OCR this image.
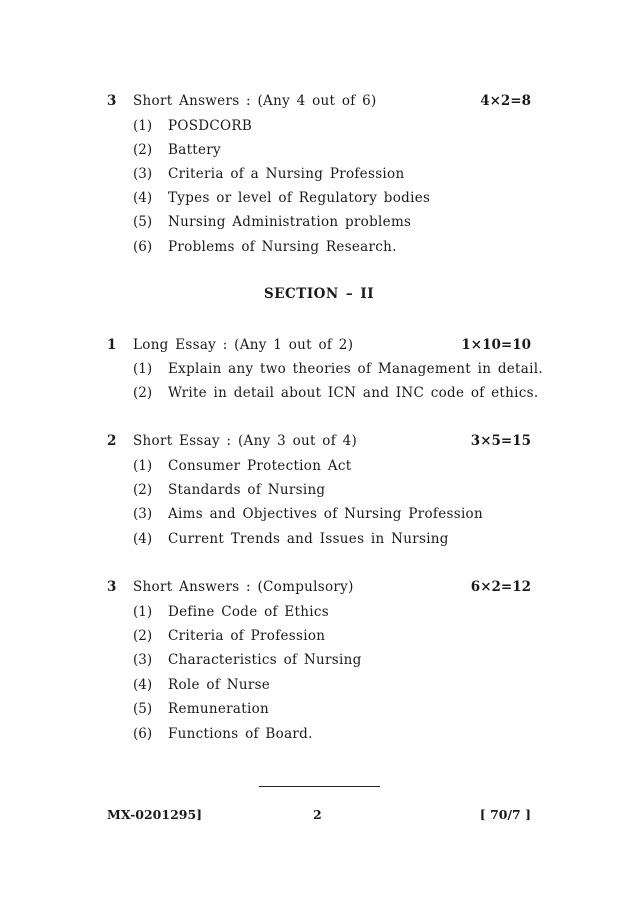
3 Short Answers : (Any 4 out of 6)	4×2=8
(1) POSDCORB
(2) Battery
(3) Criteria of a Nursing Profession
(4) Types or level of Regulatory bodies
(5) Nursing Administration problems
(6) Problems of Nursing Research.
SECTION – II
1 Long Essay : (Any 1 out of 2)	1×10=10
(1) Explain any two theories of Management in detail.
(2) Write in detail about ICN and INC code of ethics.
2 Short Essay : (Any 3 out of 4)	3×5=15
(1) Consumer Protection Act
(2) Standards of Nursing
(3) Aims and Objectives of Nursing Profession
(4) Current Trends and Issues in Nursing
3 Short Answers : (Compulsory)	6×2=12
(1) Define Code of Ethics
(2) Criteria of Profession
(3) Characteristics of Nursing
(4) Role of Nurse
(5) Remuneration
(6) Functions of Board.
MX-0201295]	2	[ 70/7 ]
